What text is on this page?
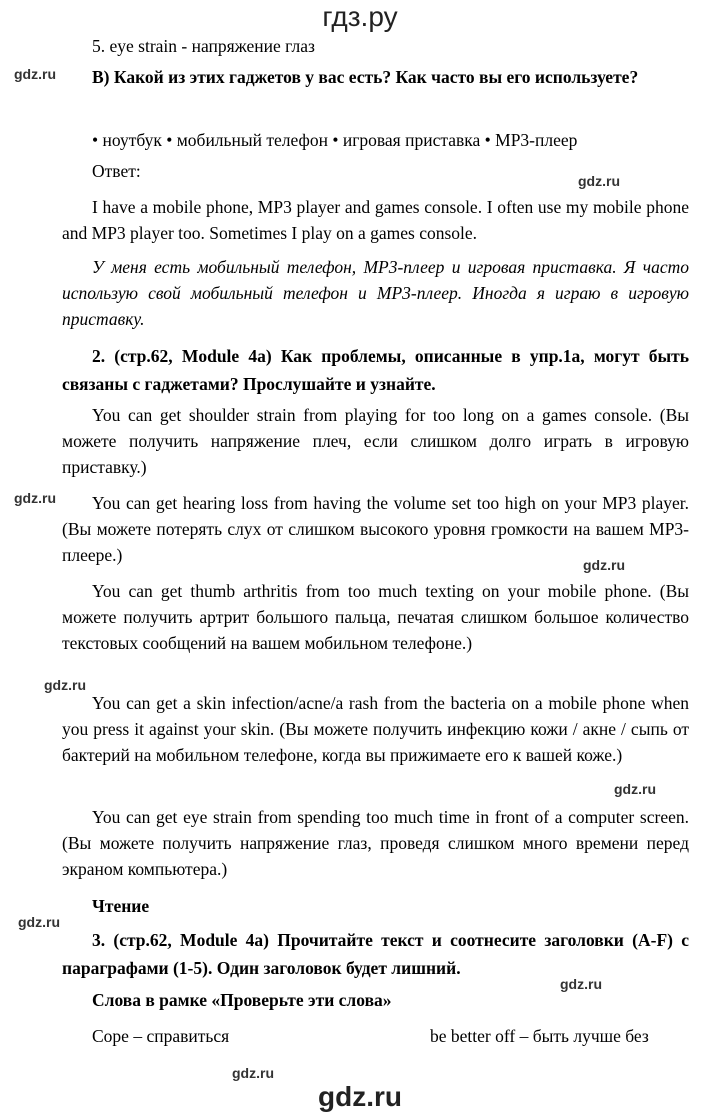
гдз.ру
5. eye strain - напряжение глаз
gdz.ru B) Какой из этих гаджетов у вас есть? Как часто вы его используете?
• ноутбук • мобильный телефон • игровая приставка • MP3-плеер
Ответ:	gdz.ru
I have a mobile phone, MP3 player and games console. I often use my mobile phone and MP3 player too. Sometimes I play on a games console.
У меня есть мобильный телефон, MP3-плеер и игровая приставка. Я часто использую свой мобильный телефон и MP3-плеер. Иногда я играю в игровую приставку.
2. (стр.62, Module 4a) Как проблемы, описанные в упр.1а, могут быть связаны с гаджетами? Прослушайте и узнайте.
You can get shoulder strain from playing for too long on a games console. (Вы можете получить напряжение плеч, если слишком долго играть в игровую приставку.)
gdz.ru	You can get hearing loss from having the volume set too high on your MP3 player. (Вы можете потерять слух от слишком высокого уровня громкости на вашем MP3-плеере.)	gdz.ru
You can get thumb arthritis from too much texting on your mobile phone. (Вы можете получить артрит большого пальца, печатая слишком большое количество текстовых сообщений на вашем мобильном телефоне.)
gdz.ru
You can get a skin infection/acne/a rash from the bacteria on a mobile phone when you press it against your skin. (Вы можете получить инфекцию кожи / акне / сыпь от бактерий на мобильном телефоне, когда вы прижимаете его к вашей коже.)
gdz.ru
You can get eye strain from spending too much time in front of a computer screen. (Вы можете получить напряжение глаз, проведя слишком много времени перед экраном компьютера.)
Чтение
gdz.ru
3. (стр.62, Module 4a) Прочитайте текст и соотнесите заголовки (A-F) с параграфами (1-5). Один заголовок будет лишний.
gdz.ru
Слова в рамке «Проверьте эти слова»
Cope – справиться	be better off – быть лучше без
gdz.ru
gdz.ru
